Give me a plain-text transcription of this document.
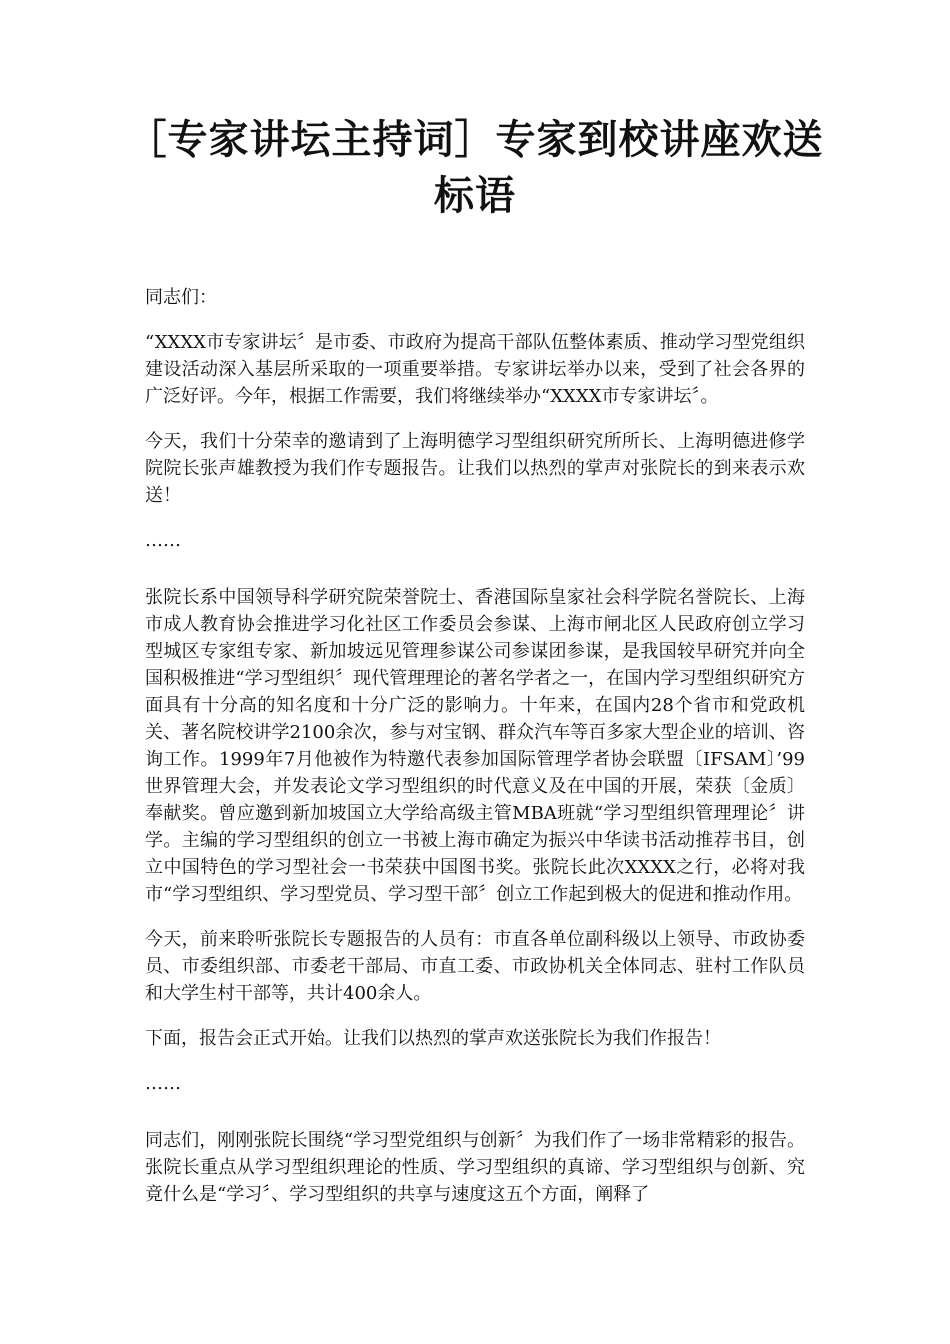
［专家讲坛主持词］专家到校讲座欢送标语

同志们：

“XXXX市专家讲坛〞是市委、市政府为提高干部队伍整体素质、推动学习型党组织建设活动深入基层所采取的一项重要举措。专家讲坛举办以来，受到了社会各界的广泛好评。今年，根据工作需要，我们将继续举办“XXXX市专家讲坛〞。

今天，我们十分荣幸的邀请到了上海明德学习型组织研究所所长、上海明德进修学院院长张声雄教授为我们作专题报告。让我们以热烈的掌声对张院长的到来表示欢送！

……

张院长系中国领导科学研究院荣誉院士、香港国际皇家社会科学院名誉院长、上海市成人教育协会推进学习化社区工作委员会参谋、上海市闸北区人民政府创立学习型城区专家组专家、新加坡远见管理参谋公司参谋团参谋，是我国较早研究并向全国积极推进“学习型组织〞现代管理理论的著名学者之一，在国内学习型组织研究方面具有十分高的知名度和十分广泛的影响力。十年来，在国内28个省市和党政机关、著名院校讲学2100余次，参与对宝钢、群众汽车等百多家大型企业的培训、咨询工作。1999年7月他被作为特邀代表参加国际管理学者协会联盟〔IFSAM〕’99世界管理大会，并发表论文学习型组织的时代意义及在中国的开展，荣获〔金质〕奉献奖。曾应邀到新加坡国立大学给高级主管MBA班就“学习型组织管理理论〞讲学。主编的学习型组织的创立一书被上海市确定为振兴中华读书活动推荐书目，创立中国特色的学习型社会一书荣获中国图书奖。张院长此次XXXX之行，必将对我市“学习型组织、学习型党员、学习型干部〞创立工作起到极大的促进和推动作用。

今天，前来聆听张院长专题报告的人员有：市直各单位副科级以上领导、市政协委员、市委组织部、市委老干部局、市直工委、市政协机关全体同志、驻村工作队员和大学生村干部等，共计400余人。

下面，报告会正式开始。让我们以热烈的掌声欢送张院长为我们作报告！

……

同志们，刚刚张院长围绕“学习型党组织与创新〞为我们作了一场非常精彩的报告。张院长重点从学习型组织理论的性质、学习型组织的真谛、学习型组织与创新、究竟什么是“学习〞、学习型组织的共享与速度这五个方面，阐释了
